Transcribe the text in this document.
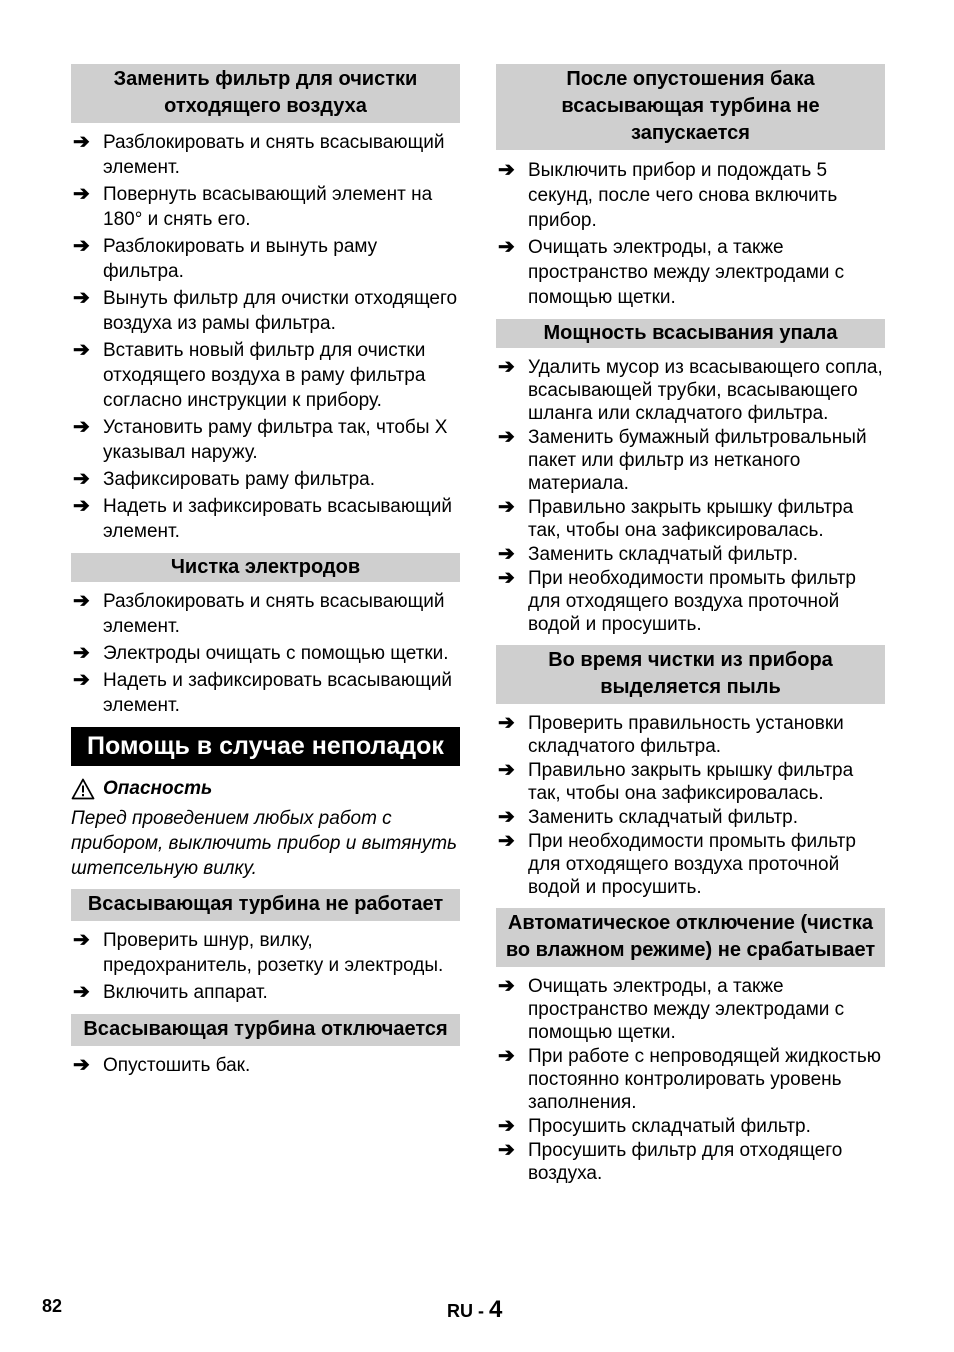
Заменить фильтр для очистки отходящего воздуха
➔ Разблокировать и снять всасывающий элемент.
➔ Повернуть всасывающий элемент на 180° и снять его.
➔ Разблокировать и вынуть раму фильтра.
➔ Вынуть фильтр для очистки отходящего воздуха из рамы фильтра.
➔ Вставить новый фильтр для очистки отходящего воздуха в раму фильтра согласно инструкции к прибору.
➔ Установить раму фильтра так, чтобы Х указывал наружу.
➔ Зафиксировать раму фильтра.
➔ Надеть и зафиксировать всасывающий элемент.
Чистка электродов
➔ Разблокировать и снять всасывающий элемент.
➔ Электроды очищать с помощью щетки.
➔ Надеть и зафиксировать всасывающий элемент.
Помощь в случае неполадок
Опасность
Перед проведением любых работ с прибором, выключить прибор и вытянуть штепсельную вилку.
Всасывающая турбина не работает
➔ Проверить шнур, вилку, предохранитель, розетку и электроды.
➔ Включить аппарат.
Всасывающая турбина отключается
➔ Опустошить бак.
После опустошения бака всасывающая турбина не запускается
➔ Выключить прибор и подождать 5 секунд, после чего снова включить прибор.
➔ Очищать электроды, а также пространство между электродами с помощью щетки.
Мощность всасывания упала
➔ Удалить мусор из всасывающего сопла, всасывающей трубки, всасывающего шланга или складчатого фильтра.
➔ Заменить бумажный фильтровальный пакет или фильтр из нетканого материала.
➔ Правильно закрыть крышку фильтра так, чтобы она зафиксировалась.
➔ Заменить складчатый фильтр.
➔ При необходимости промыть фильтр для отходящего воздуха проточной водой и просушить.
Во время чистки из прибора выделяется пыль
➔ Проверить правильность установки складчатого фильтра.
➔ Правильно закрыть крышку фильтра так, чтобы она зафиксировалась.
➔ Заменить складчатый фильтр.
➔ При необходимости промыть фильтр для отходящего воздуха проточной водой и просушить.
Автоматическое отключение (чистка во влажном режиме) не срабатывает
➔ Очищать электроды, а также пространство между электродами с помощью щетки.
➔ При работе с непроводящей жидкостью постоянно контролировать уровень заполнения.
➔ Просушить складчатый фильтр.
➔ Просушить фильтр для отходящего воздуха.
82	RU - 4
